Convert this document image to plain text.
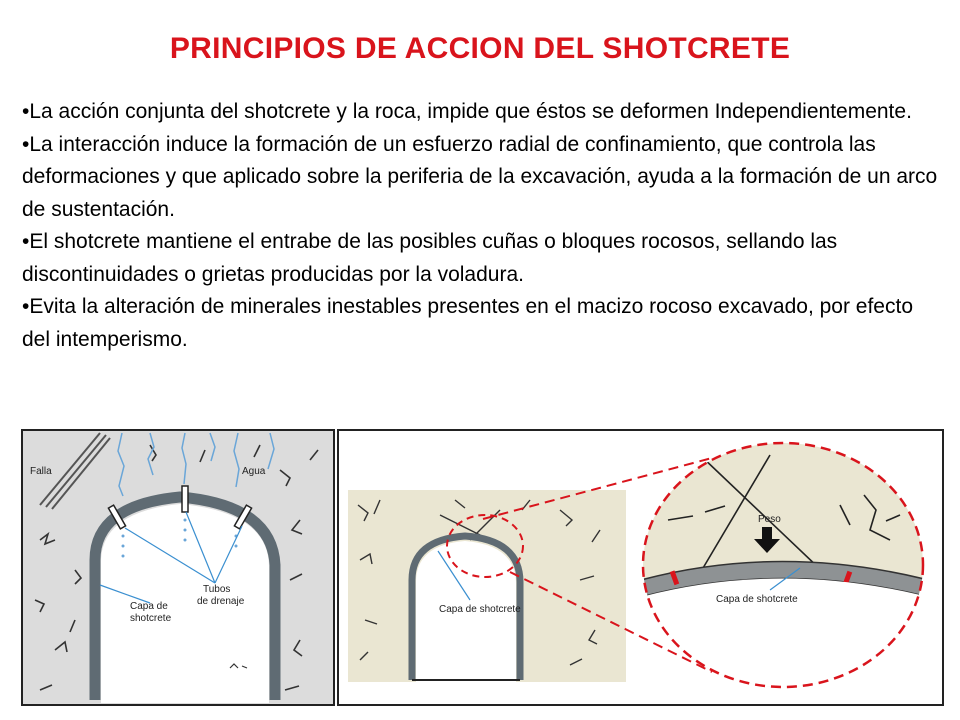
PRINCIPIOS DE ACCION DEL SHOTCRETE

•La acción conjunta del shotcrete y la roca, impide que éstos se deformen Independientemente.

•La interacción induce la formación de un esfuerzo radial de confinamiento, que controla las deformaciones y que aplicado sobre la periferia de la excavación, ayuda a la formación de un arco de sustentación.

•El shotcrete mantiene el entrabe de las posibles cuñas o bloques rocosos, sellando las discontinuidades o grietas producidas por la voladura.

•Evita la alteración de minerales inestables presentes en el macizo rocoso excavado, por efecto del intemperismo.

Falla	Agua
Tubos
de drenaje
Capa de
shotcrete
Capa de shotcrete
Peso
Capa de shotcrete
